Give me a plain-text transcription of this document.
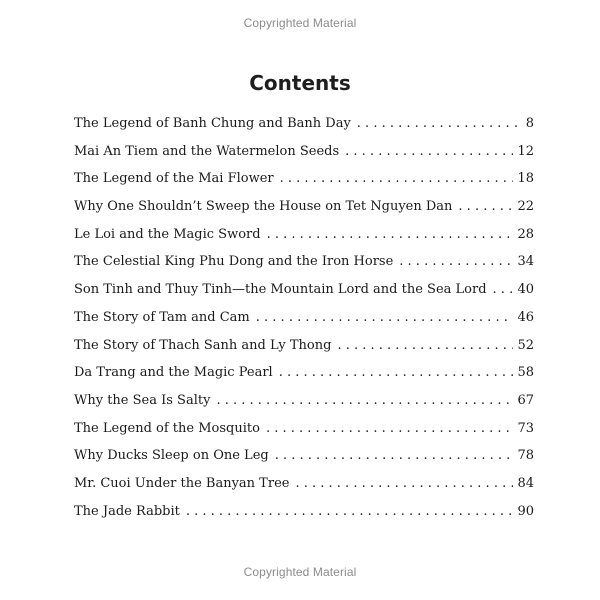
Copyrighted Material
Contents
The Legend of Banh Chung and Banh Day . . .	8
Mai An Tiem and the Watermelon Seeds . . .	12
The Legend of the Mai Flower . . .	18
Why One Shouldn’t Sweep the House on Tet Nguyen Dan . . .	22
Le Loi and the Magic Sword . . .	28
The Celestial King Phu Dong and the Iron Horse . . .	34
Son Tinh and Thuy Tinh—the Mountain Lord and the Sea Lord . . . 40
The Story of Tam and Cam . . .	46
The Story of Thach Sanh and Ly Thong . . .	52
Da Trang and the Magic Pearl . . .	58
Why the Sea Is Salty . . .	67
The Legend of the Mosquito . . .	73
Why Ducks Sleep on One Leg . . .	78
Mr. Cuoi Under the Banyan Tree . . .	84
The Jade Rabbit . . .	90
Copyrighted Material
